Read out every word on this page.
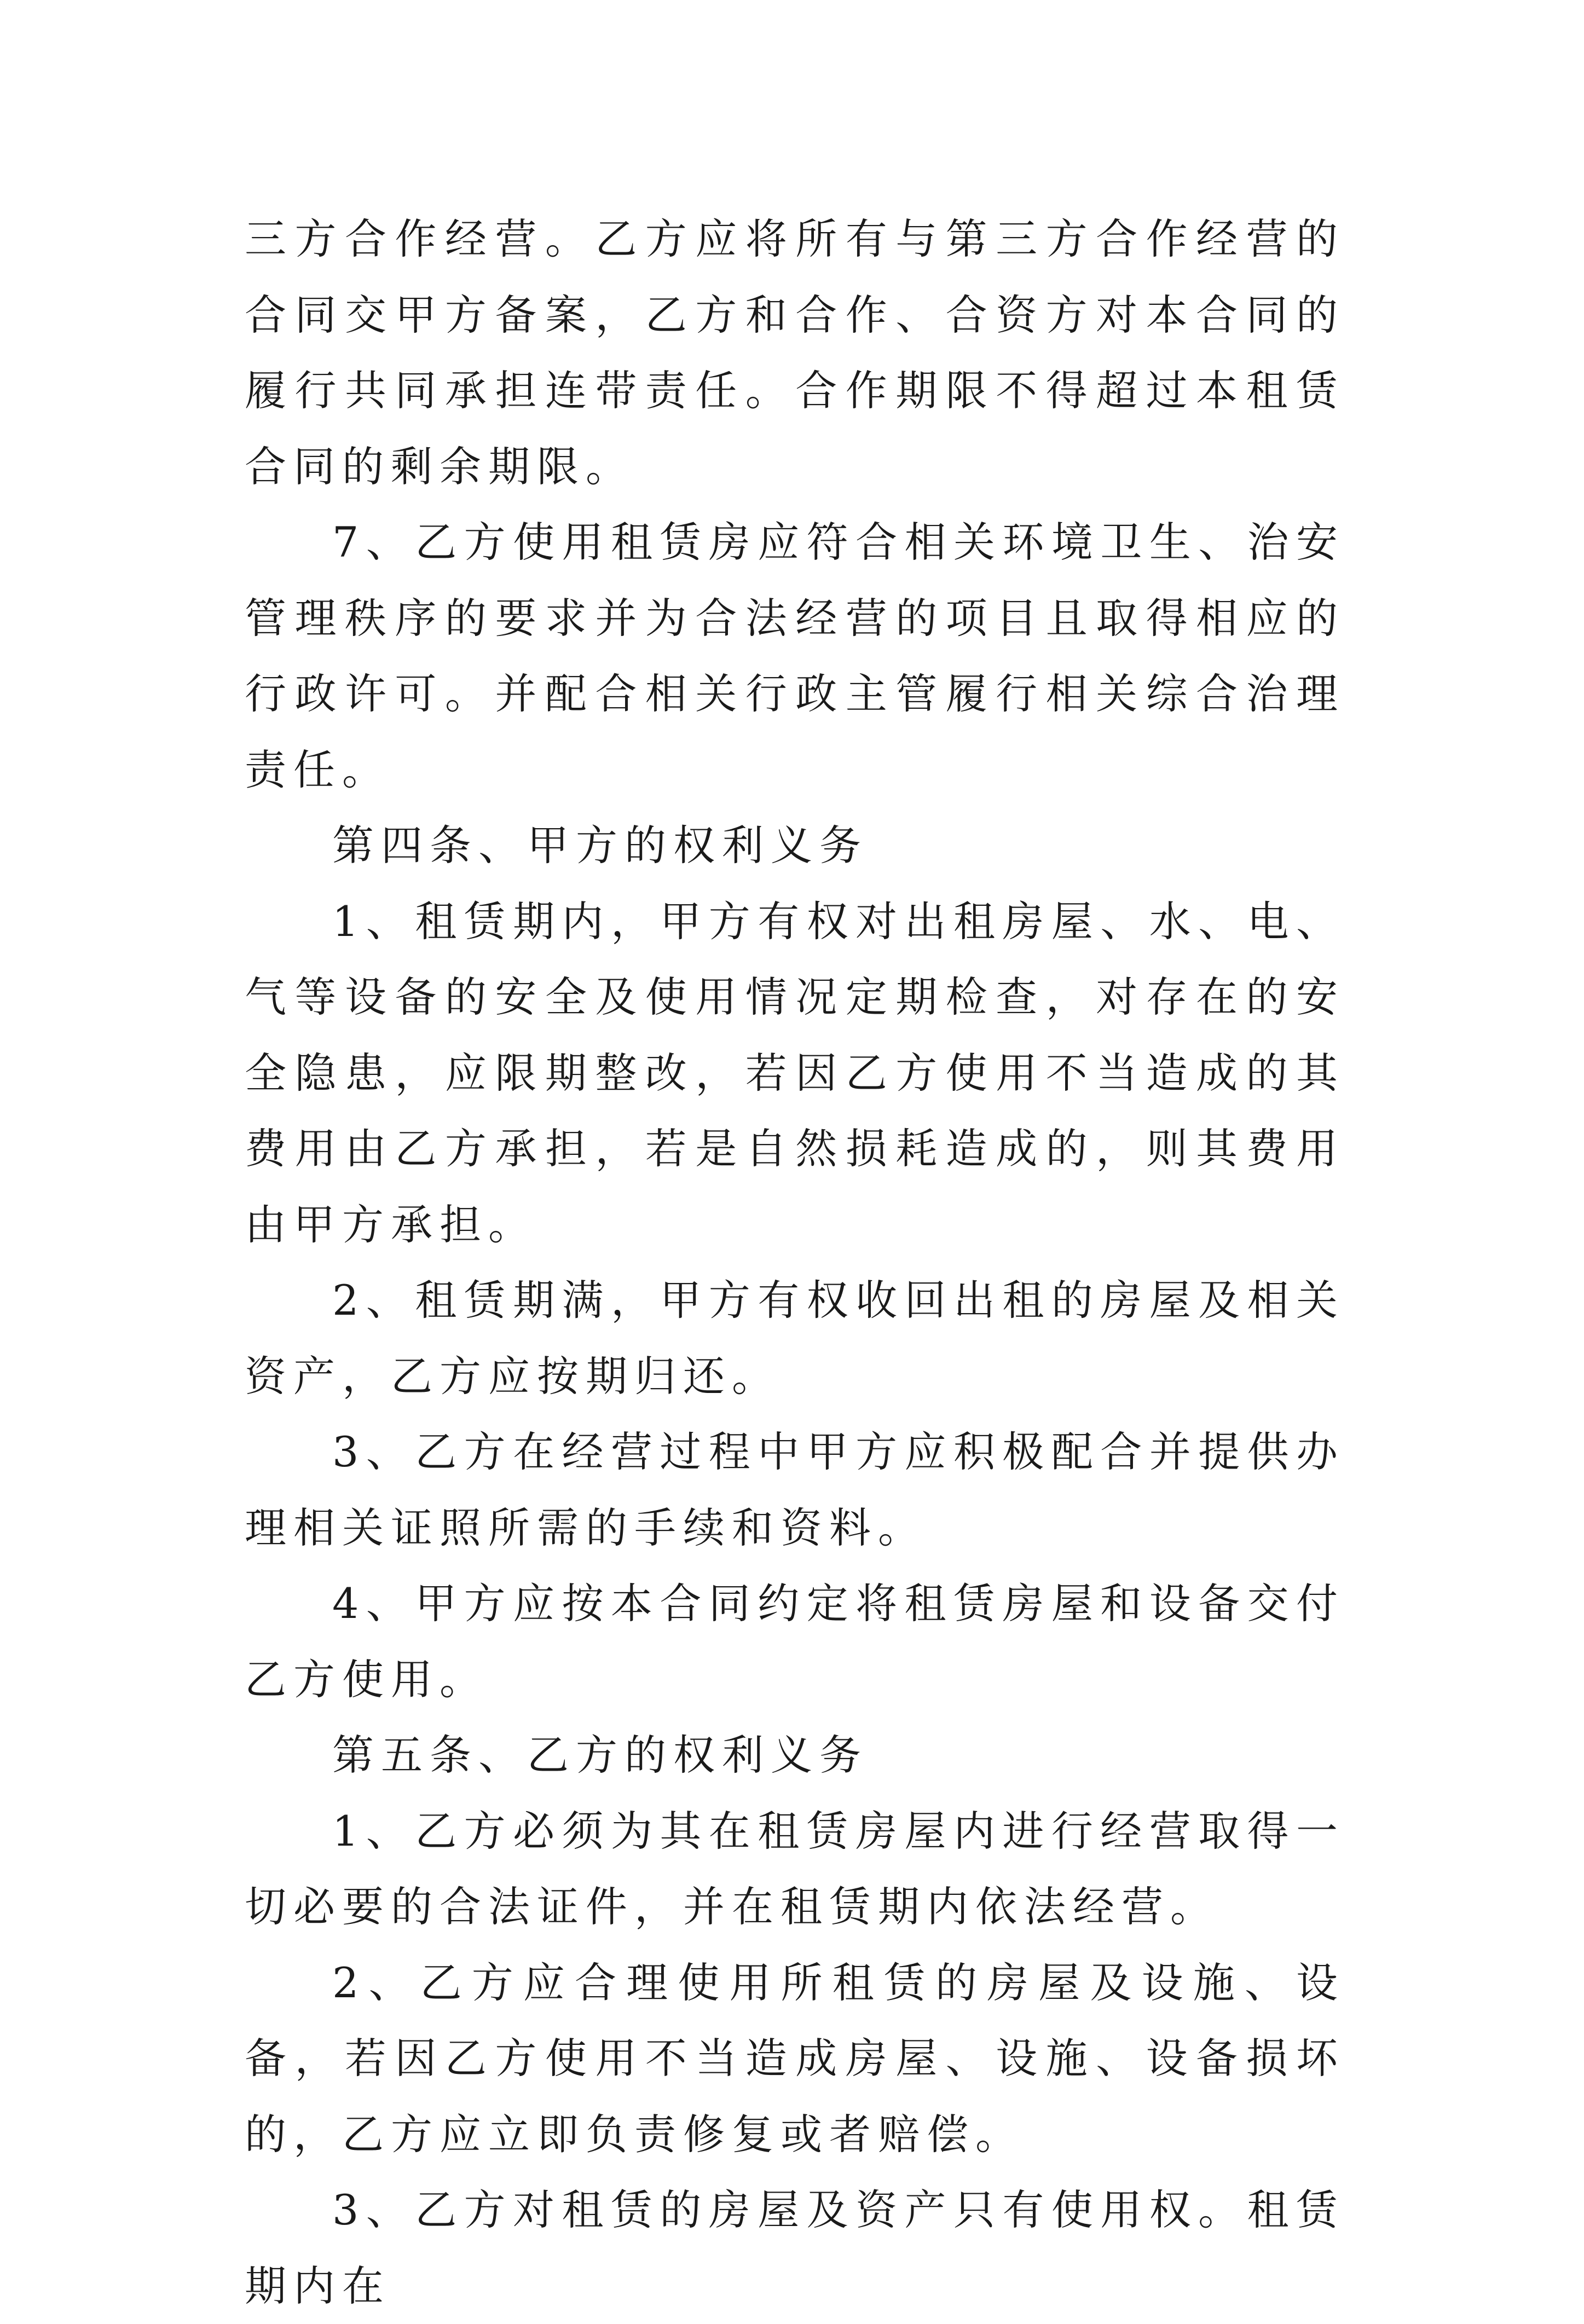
三方合作经营。乙方应将所有与第三方合作经营的合同交甲方备案，乙方和合作、合资方对本合同的履行共同承担连带责任。合作期限不得超过本租赁合同的剩余期限。

7、乙方使用租赁房应符合相关环境卫生、治安管理秩序的要求并为合法经营的项目且取得相应的行政许可。并配合相关行政主管履行相关综合治理责任。

第四条、甲方的权利义务

1、租赁期内，甲方有权对出租房屋、水、电、气等设备的安全及使用情况定期检查，对存在的安全隐患，应限期整改，若因乙方使用不当造成的其费用由乙方承担，若是自然损耗造成的，则其费用由甲方承担。

2、租赁期满，甲方有权收回出租的房屋及相关资产，乙方应按期归还。

3、乙方在经营过程中甲方应积极配合并提供办理相关证照所需的手续和资料。

4、甲方应按本合同约定将租赁房屋和设备交付乙方使用。

第五条、乙方的权利义务

1、乙方必须为其在租赁房屋内进行经营取得一切必要的合法证件，并在租赁期内依法经营。

2、乙方应合理使用所租赁的房屋及设施、设备，若因乙方使用不当造成房屋、设施、设备损坏的，乙方应立即负责修复或者赔偿。

3、乙方对租赁的房屋及资产只有使用权。租赁期内在
